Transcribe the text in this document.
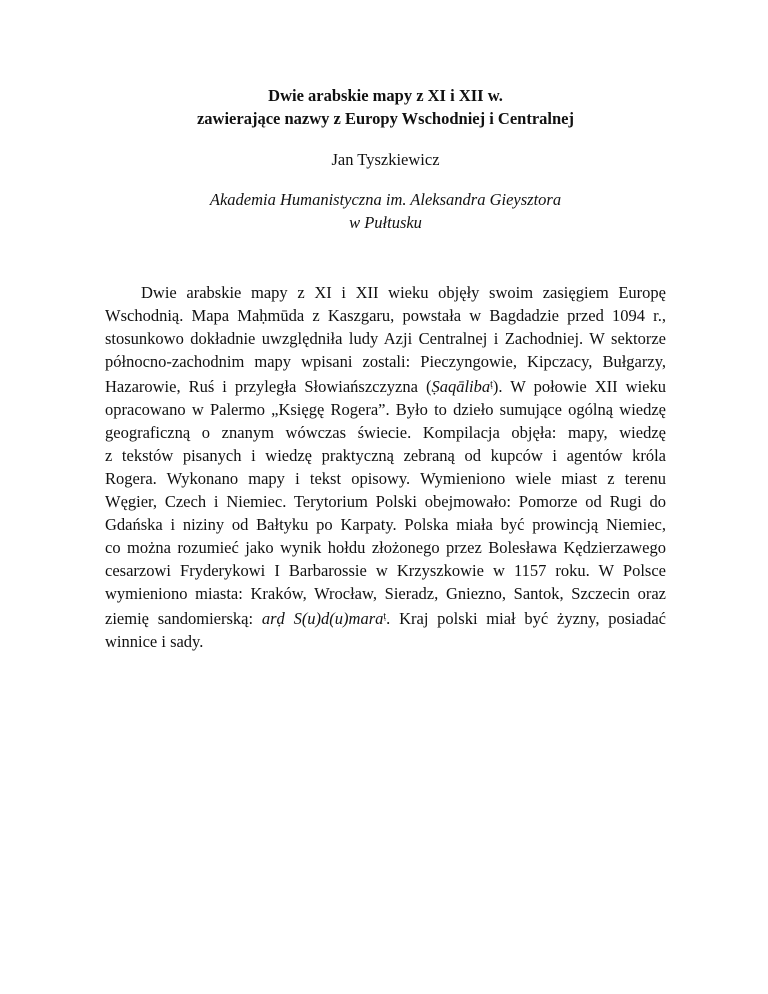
Dwie arabskie mapy z XI i XII w.
zawierające nazwy z Europy Wschodniej i Centralnej

Jan Tyszkiewicz

Akademia Humanistyczna im. Aleksandra Gieysztora
w Pułtusku

Dwie arabskie mapy z XI i XII wieku objęły swoim zasięgiem Europę
Wschodnią. Mapa Maḥmūda z Kaszgaru, powstała w Bagdadzie przed 1094 r.,
stosunkowo dokładnie uwzględniła ludy Azji Centralnej i Zachodniej. W sektorze
północno-zachodnim mapy wpisani zostali: Pieczyngowie, Kipczacy, Bułgarzy,
Hazarowie, Ruś i przyległa Słowiańszczyzna (Ṣaqāliba$^ṭ$). W połowie XII wieku
opracowano w Palermo „Księgę Rogera”. Było to dzieło sumujące ogólną wiedzę
geograficzną o znanym wówczas świecie. Kompilacja objęła: mapy, wiedzę
z tekstów pisanych i wiedzę praktyczną zebraną od kupców i agentów króla
Rogera. Wykonano mapy i tekst opisowy. Wymieniono wiele miast z terenu
Węgier, Czech i Niemiec. Terytorium Polski obejmowało: Pomorze od Rugi do
Gdańska i niziny od Bałtyku po Karpaty. Polska miała być prowincją Niemiec,
co można rozumieć jako wynik hołdu złożonego przez Bolesława Kędzierzawego
cesarzowi Fryderykowi I Barbarossie w Krzyszkowie w 1157 roku. W Polsce
wymieniono miasta: Kraków, Wrocław, Sieradz, Gniezno, Santok, Szczecin oraz
ziemię sandomierską: arḍ S(u)d(u)mara$^ṭ$. Kraj polski miał być żyzny, posiadać
winnice i sady.
